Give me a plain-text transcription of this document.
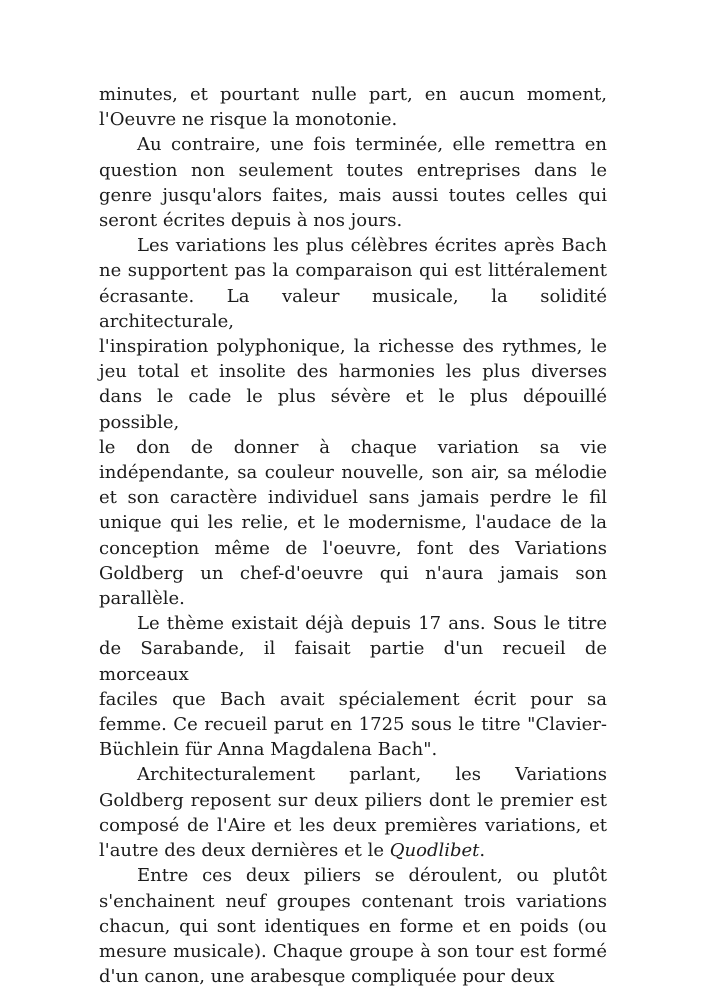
minutes, et pourtant nulle part, en aucun moment,
l'Oeuvre ne risque la monotonie.
Au contraire, une fois terminée, elle remettra en
question non seulement toutes entreprises dans le
genre jusqu'alors faites, mais aussi toutes celles qui
seront écrites depuis à nos jours.
Les variations les plus célèbres écrites après Bach
ne supportent pas la comparaison qui est littéralement
écrasante. La valeur musicale, la solidité architecturale,
l'inspiration polyphonique, la richesse des rythmes, le
jeu total et insolite des harmonies les plus diverses
dans le cade le plus sévère et le plus dépouillé possible,
le don de donner à chaque variation sa vie
indépendante, sa couleur nouvelle, son air, sa mélodie
et son caractère individuel sans jamais perdre le fil
unique qui les relie, et le modernisme, l'audace de la
conception même de l'oeuvre, font des Variations
Goldberg un chef-d'oeuvre qui n'aura jamais son
parallèle.
Le thème existait déjà depuis 17 ans. Sous le titre
de Sarabande, il faisait partie d'un recueil de morceaux
faciles que Bach avait spécialement écrit pour sa
femme. Ce recueil parut en 1725 sous le titre "Clavier-
Büchlein für Anna Magdalena Bach".
Architecturalement parlant, les Variations
Goldberg reposent sur deux piliers dont le premier est
composé de l'Aire et les deux premières variations, et
l'autre des deux dernières et le Quodlibet.
Entre ces deux piliers se déroulent, ou plutôt
s'enchainent neuf groupes contenant trois variations
chacun, qui sont identiques en forme et en poids (ou
mesure musicale). Chaque groupe à son tour est formé
d'un canon, une arabesque compliquée pour deux
